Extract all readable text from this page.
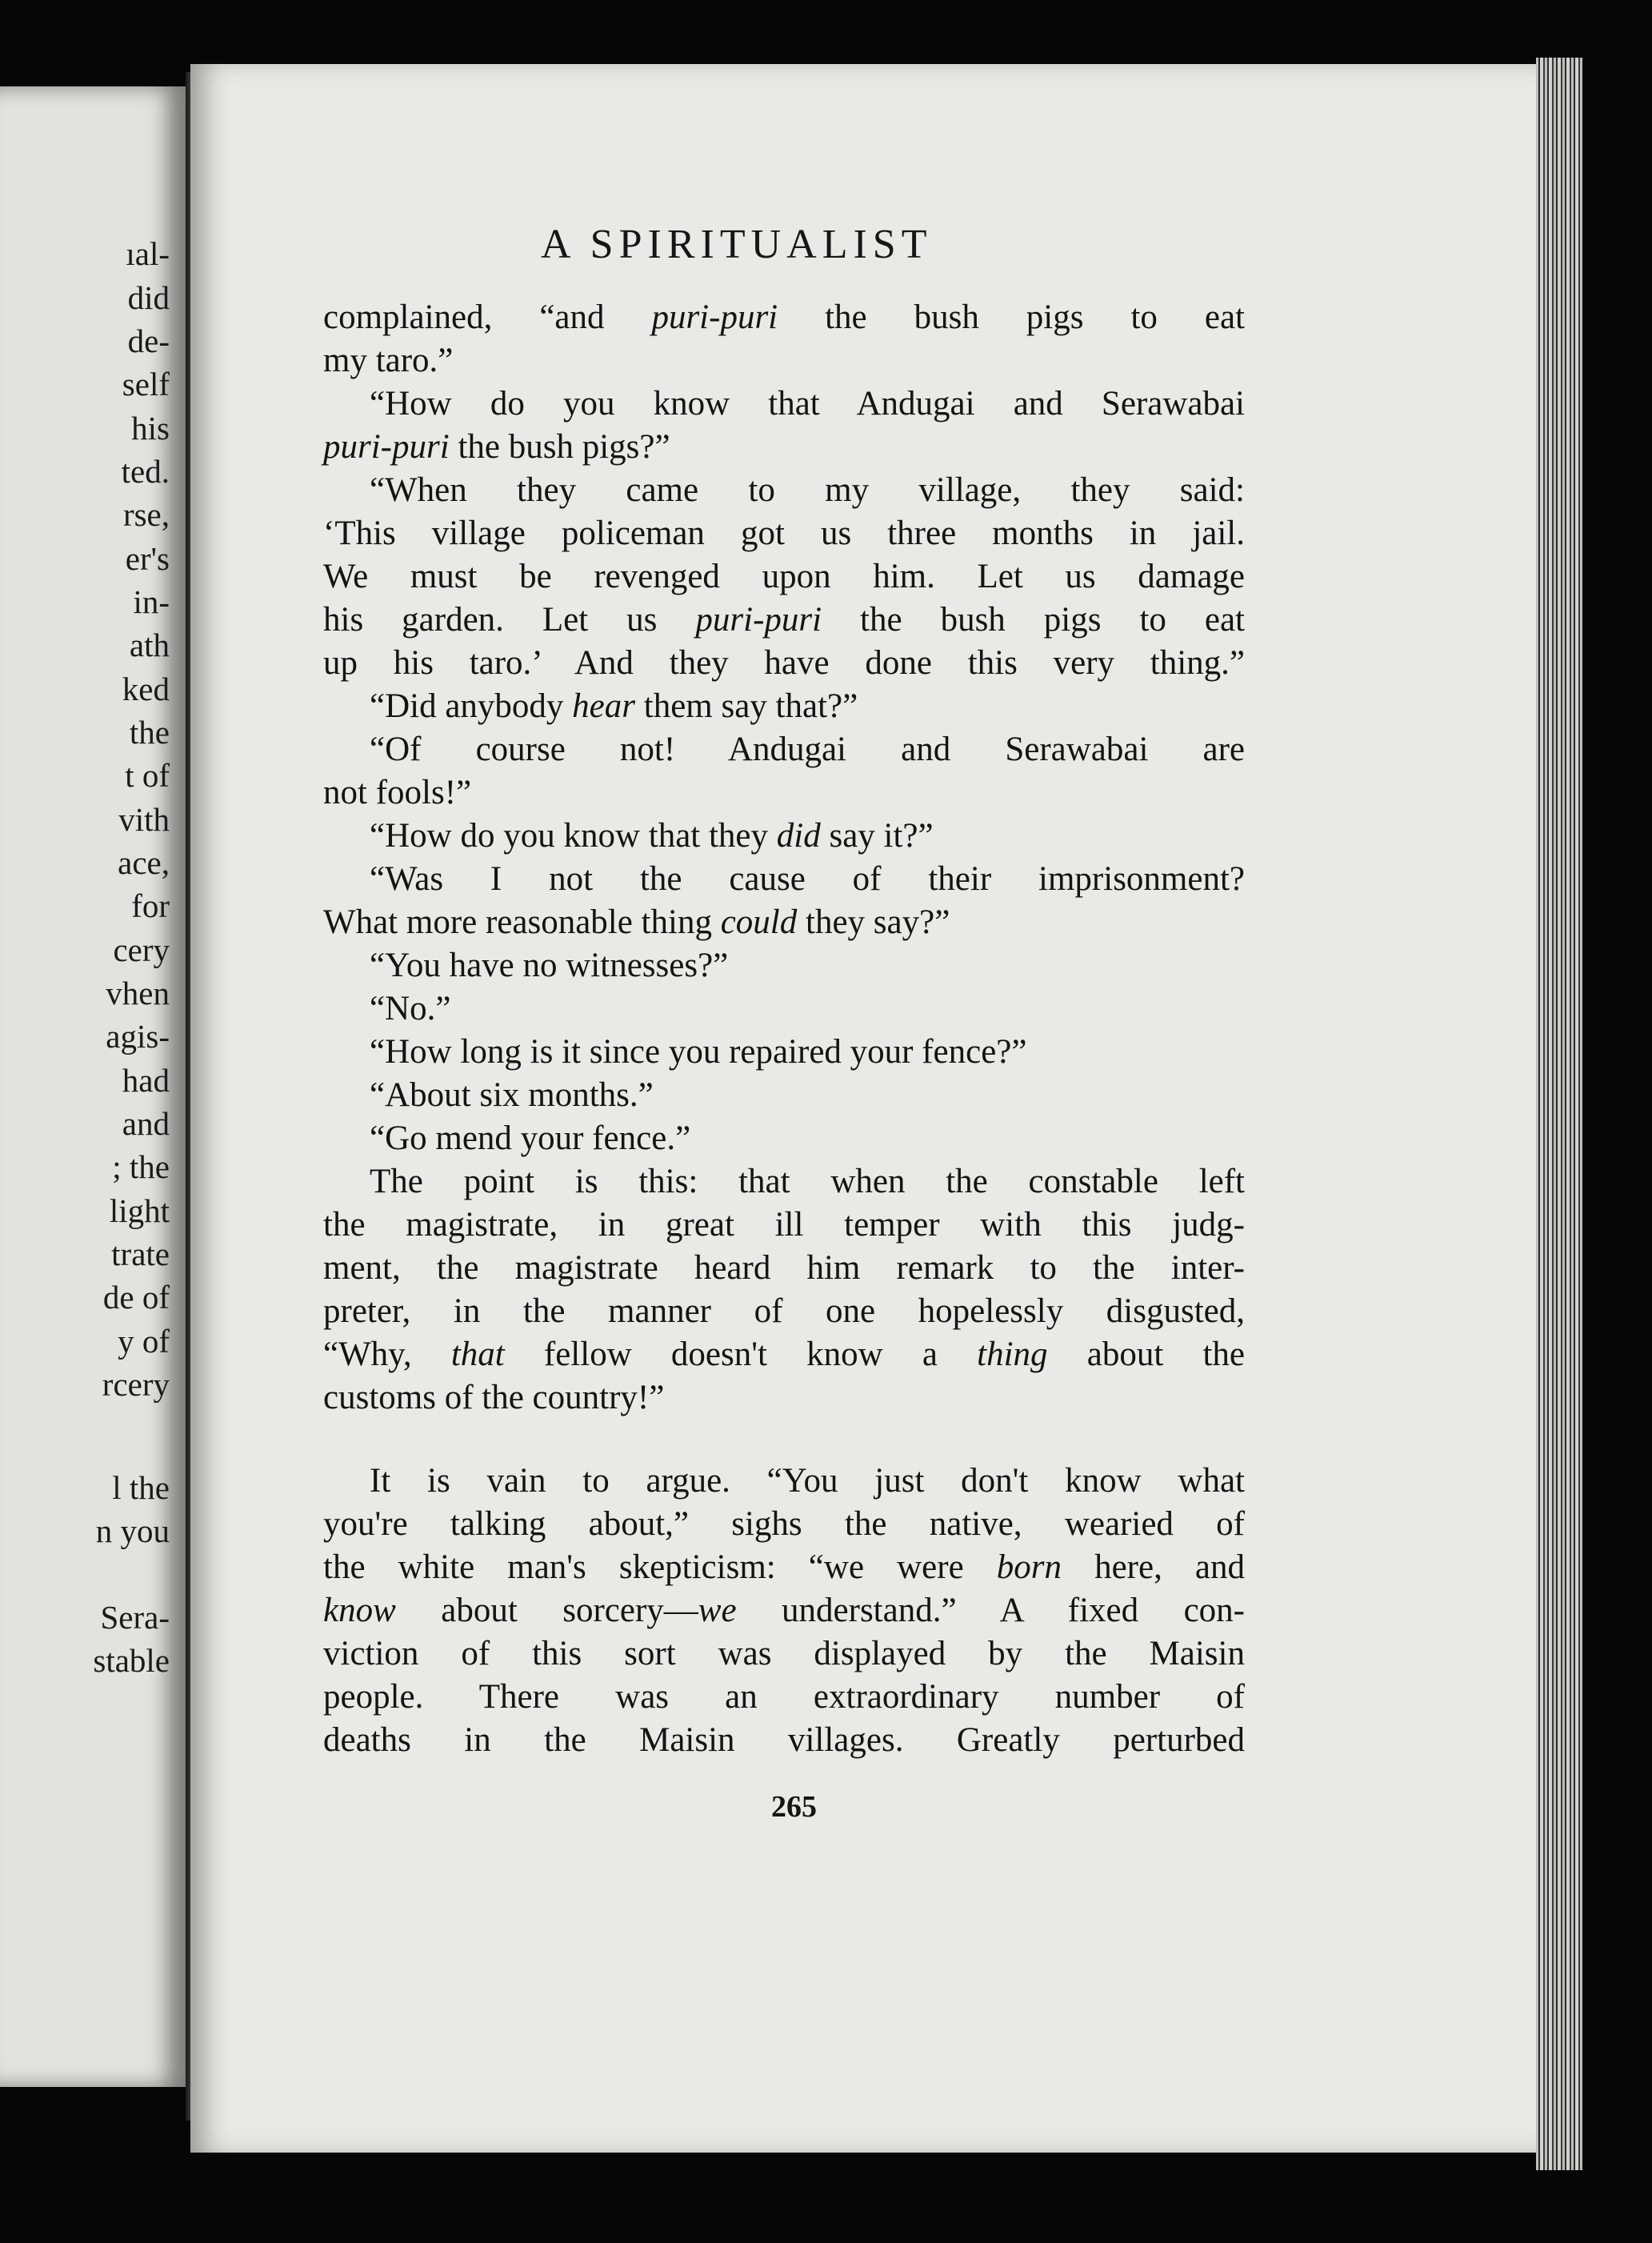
ıal-
did
de-
self
his
ted.
rse,
er's
in-
ath
ked
the
t of
vith
ace,
for
cery
vhen
agis-
had
and
; the
light
trate
de of
y of
rcery
l the
n you
Sera-
stable
A SPIRITUALIST
complained, “and puri-puri the bush pigs to eat
my taro.”
“How do you know that Andugai and Serawabai
puri-puri the bush pigs?”
“When they came to my village, they said:
‘This village policeman got us three months in jail.
We must be revenged upon him. Let us damage
his garden. Let us puri-puri the bush pigs to eat
up his taro.’ And they have done this very thing.”
“Did anybody hear them say that?”
“Of course not! Andugai and Serawabai are
not fools!”
“How do you know that they did say it?”
“Was I not the cause of their imprisonment?
What more reasonable thing could they say?”
“You have no witnesses?”
“No.”
“How long is it since you repaired your fence?”
“About six months.”
“Go mend your fence.”
The point is this: that when the constable left
the magistrate, in great ill temper with this judg-
ment, the magistrate heard him remark to the inter-
preter, in the manner of one hopelessly disgusted,
“Why, that fellow doesn't know a thing about the
customs of the country!”
It is vain to argue. “You just don't know what
you're talking about,” sighs the native, wearied of
the white man's skepticism: “we were born here, and
know about sorcery—we understand.” A fixed con-
viction of this sort was displayed by the Maisin
people. There was an extraordinary number of
deaths in the Maisin villages. Greatly perturbed
265
